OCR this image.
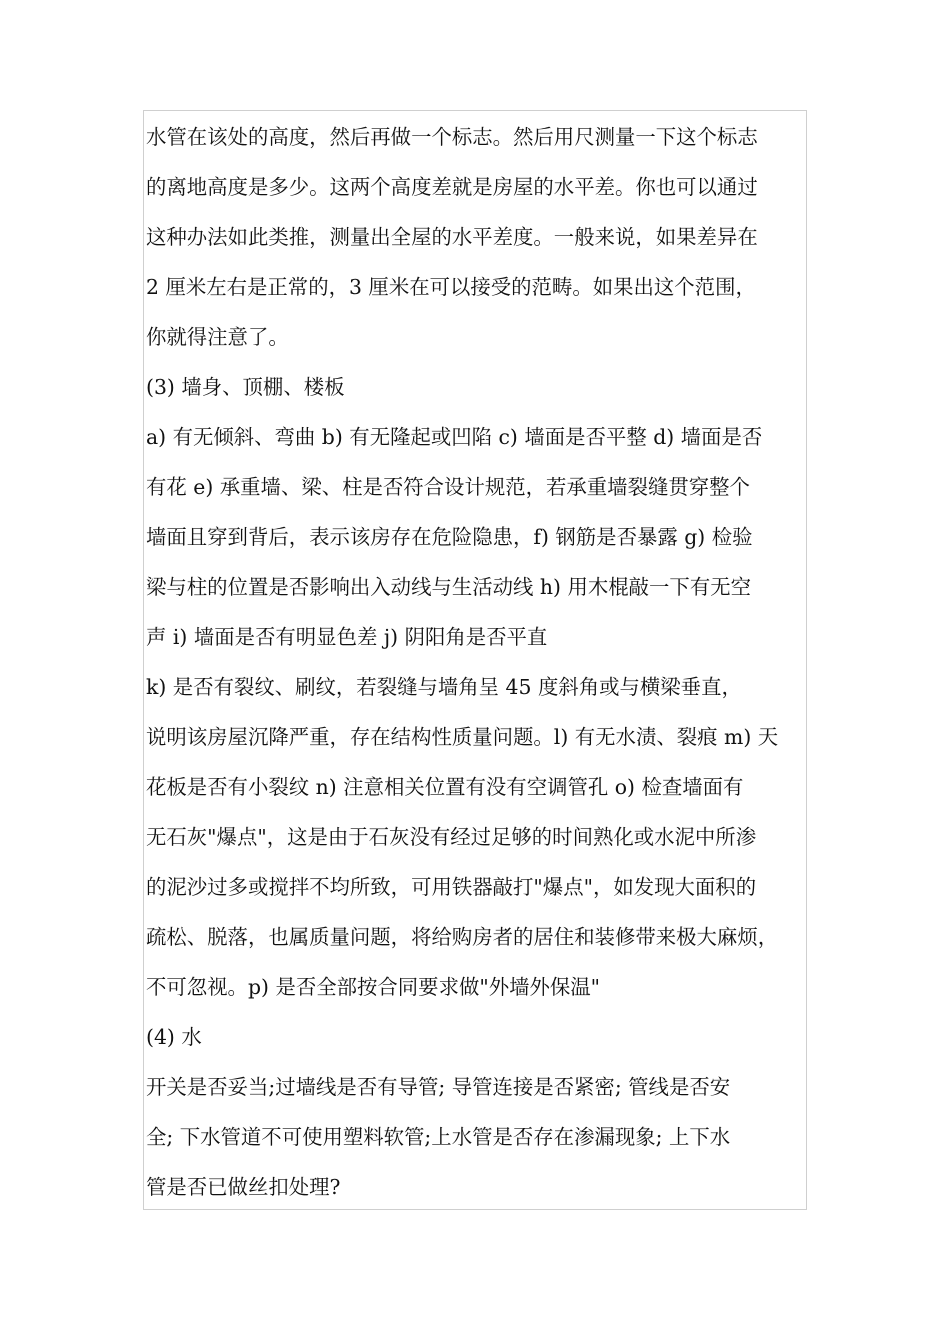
水管在该处的高度，然后再做一个标志。然后用尺测量一下这个标志
的离地高度是多少。这两个高度差就是房屋的水平差。你也可以通过
这种办法如此类推，测量出全屋的水平差度。一般来说，如果差异在
2 厘米左右是正常的，3 厘米在可以接受的范畴。如果出这个范围，
你就得注意了。
(3) 墙身、顶棚、楼板
a) 有无倾斜、弯曲 b) 有无隆起或凹陷 c) 墙面是否平整 d) 墙面是否
有花 e) 承重墙、梁、柱是否符合设计规范，若承重墙裂缝贯穿整个
墙面且穿到背后，表示该房存在危险隐患，f) 钢筋是否暴露 g) 检验
梁与柱的位置是否影响出入动线与生活动线 h) 用木棍敲一下有无空
声 i) 墙面是否有明显色差 j) 阴阳角是否平直
k) 是否有裂纹、刷纹，若裂缝与墙角呈 45 度斜角或与横梁垂直，
说明该房屋沉降严重，存在结构性质量问题。l) 有无水渍、裂痕 m) 天
花板是否有小裂纹 n) 注意相关位置有没有空调管孔 o) 检查墙面有
无石灰"爆点"，这是由于石灰没有经过足够的时间熟化或水泥中所渗
的泥沙过多或搅拌不均所致，可用铁器敲打"爆点"，如发现大面积的
疏松、脱落，也属质量问题，将给购房者的居住和装修带来极大麻烦，
不可忽视。p) 是否全部按合同要求做"外墙外保温"
(4) 水
开关是否妥当;过墙线是否有导管; 导管连接是否紧密; 管线是否安
全; 下水管道不可使用塑料软管;上水管是否存在渗漏现象; 上下水
管是否已做丝扣处理?
